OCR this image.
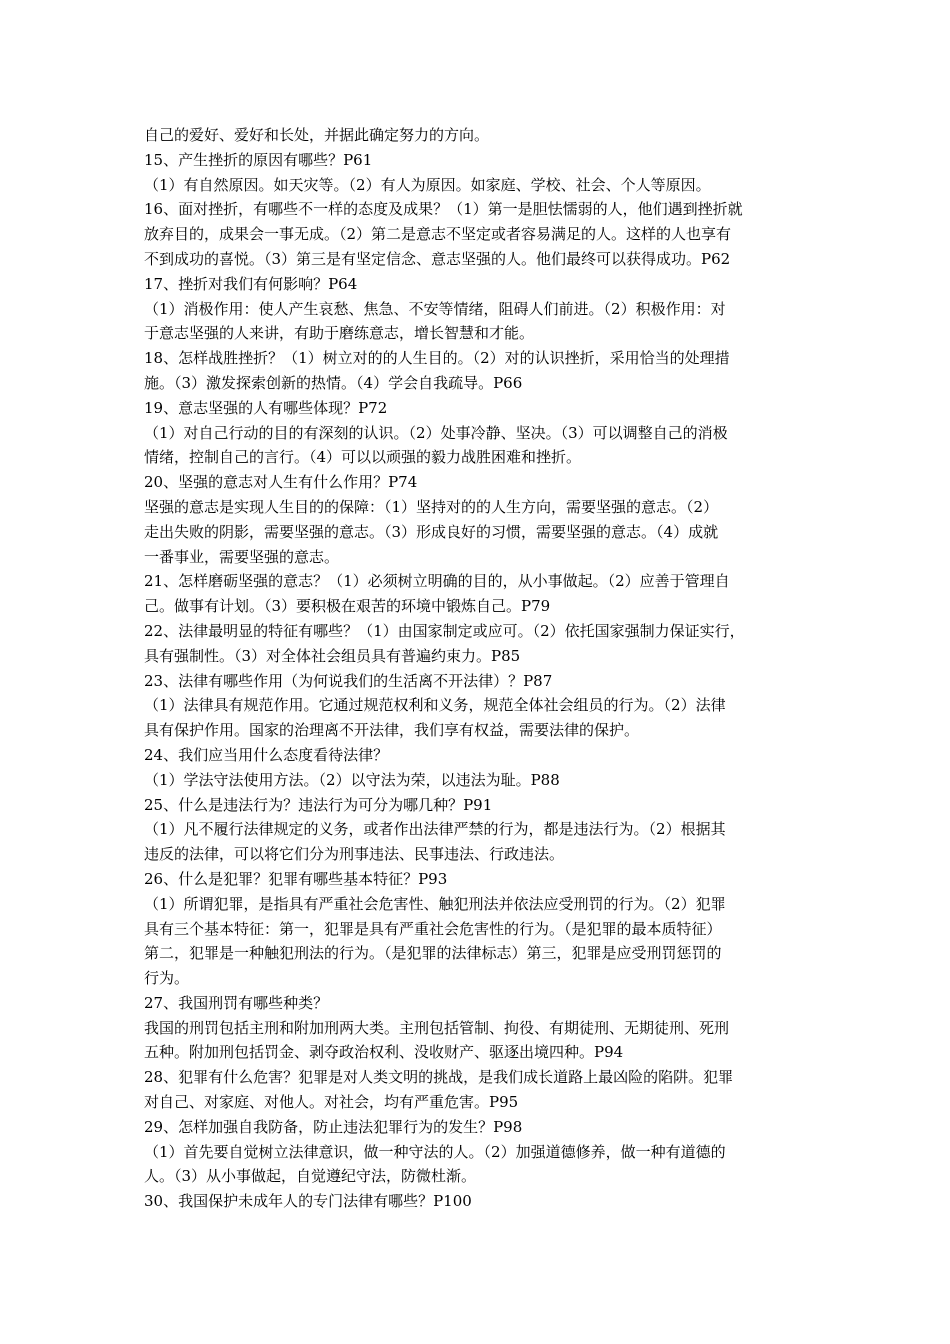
自己的爱好、爱好和长处，并据此确定努力的方向。
15、产生挫折的原因有哪些？P61
（1）有自然原因。如天灾等。（2）有人为原因。如家庭、学校、社会、个人等原因。
16、面对挫折，有哪些不一样的态度及成果？（1）第一是胆怯懦弱的人，他们遇到挫折就
放弃目的，成果会一事无成。（2）第二是意志不坚定或者容易满足的人。这样的人也享有
不到成功的喜悦。（3）第三是有坚定信念、意志坚强的人。他们最终可以获得成功。P62
17、挫折对我们有何影响？P64
（1）消极作用：使人产生哀愁、焦急、不安等情绪，阻碍人们前进。（2）积极作用：对
于意志坚强的人来讲，有助于磨练意志，增长智慧和才能。
18、怎样战胜挫折？（1）树立对的的人生目的。（2）对的认识挫折，采用恰当的处理措
施。（3）激发探索创新的热情。（4）学会自我疏导。P66
19、意志坚强的人有哪些体现？P72
（1）对自己行动的目的有深刻的认识。（2）处事冷静、坚决。（3）可以调整自己的消极
情绪，控制自己的言行。（4）可以以顽强的毅力战胜困难和挫折。
20、坚强的意志对人生有什么作用？P74
坚强的意志是实现人生目的的保障：（1）坚持对的的人生方向，需要坚强的意志。（2）
走出失败的阴影，需要坚强的意志。（3）形成良好的习惯，需要坚强的意志。（4）成就
一番事业，需要坚强的意志。
21、怎样磨砺坚强的意志？（1）必须树立明确的目的，从小事做起。（2）应善于管理自
己。做事有计划。（3）要积极在艰苦的环境中锻炼自己。P79
22、法律最明显的特征有哪些？（1）由国家制定或应可。（2）依托国家强制力保证实行，
具有强制性。（3）对全体社会组员具有普遍约束力。P85
23、法律有哪些作用（为何说我们的生活离不开法律）？P87
（1）法律具有规范作用。它通过规范权利和义务，规范全体社会组员的行为。（2）法律
具有保护作用。国家的治理离不开法律，我们享有权益，需要法律的保护。
24、我们应当用什么态度看待法律？
（1）学法守法使用方法。（2）以守法为荣，以违法为耻。P88
25、什么是违法行为？违法行为可分为哪几种？P91
（1）凡不履行法律规定的义务，或者作出法律严禁的行为，都是违法行为。（2）根据其
违反的法律，可以将它们分为刑事违法、民事违法、行政违法。
26、什么是犯罪？犯罪有哪些基本特征？P93
（1）所谓犯罪，是指具有严重社会危害性、触犯刑法并依法应受刑罚的行为。（2）犯罪
具有三个基本特征：第一，犯罪是具有严重社会危害性的行为。（是犯罪的最本质特征）
第二，犯罪是一种触犯刑法的行为。（是犯罪的法律标志）第三，犯罪是应受刑罚惩罚的
行为。
27、我国刑罚有哪些种类？
我国的刑罚包括主刑和附加刑两大类。主刑包括管制、拘役、有期徒刑、无期徒刑、死刑
五种。附加刑包括罚金、剥夺政治权利、没收财产、驱逐出境四种。P94
28、犯罪有什么危害？犯罪是对人类文明的挑战，是我们成长道路上最凶险的陷阱。犯罪
对自己、对家庭、对他人。对社会，均有严重危害。P95
29、怎样加强自我防备，防止违法犯罪行为的发生？P98
（1）首先要自觉树立法律意识，做一种守法的人。（2）加强道德修养，做一种有道德的
人。（3）从小事做起，自觉遵纪守法，防微杜渐。
30、我国保护未成年人的专门法律有哪些？P100
